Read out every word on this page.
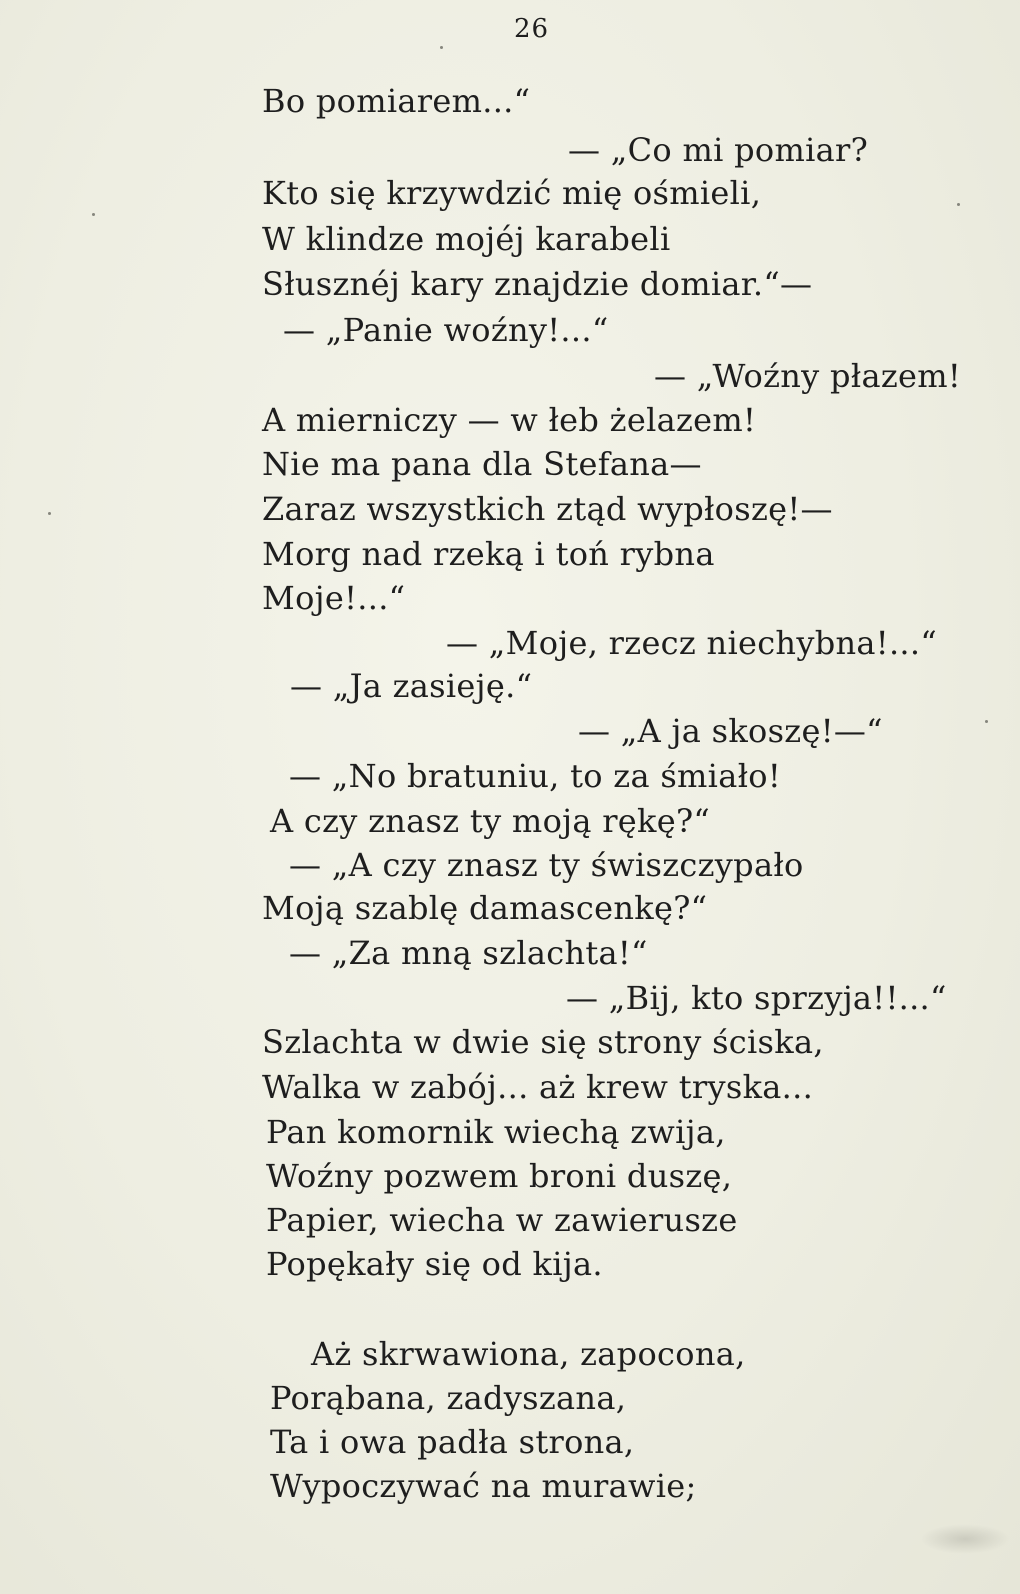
26
Bo pomiarem...“
— „Co mi pomiar?
Kto się krzywdzić mię ośmieli,
W klindze mojéj karabeli
Słusznéj kary znajdzie domiar.“—
— „Panie woźny!...“
— „Woźny płazem!
A mierniczy — w łeb żelazem!
Nie ma pana dla Stefana—
Zaraz wszystkich ztąd wypłoszę!—
Morg nad rzeką i toń rybna
Moje!...“
— „Moje, rzecz niechybna!...“
— „Ja zasieję.“
— „A ja skoszę!—“
— „No bratuniu, to za śmiało!
A czy znasz ty moją rękę?“
— „A czy znasz ty świszczypało
Moją szablę damascenkę?“
— „Za mną szlachta!“
— „Bij, kto sprzyja!!...“
Szlachta w dwie się strony ściska,
Walka w zabój... aż krew tryska...
Pan komornik wiechą zwija,
Woźny pozwem broni duszę,
Papier, wiecha w zawierusze
Popękały się od kija.
Aż skrwawiona, zapocona,
Porąbana, zadyszana,
Ta i owa padła strona,
Wypoczywać na murawie;
